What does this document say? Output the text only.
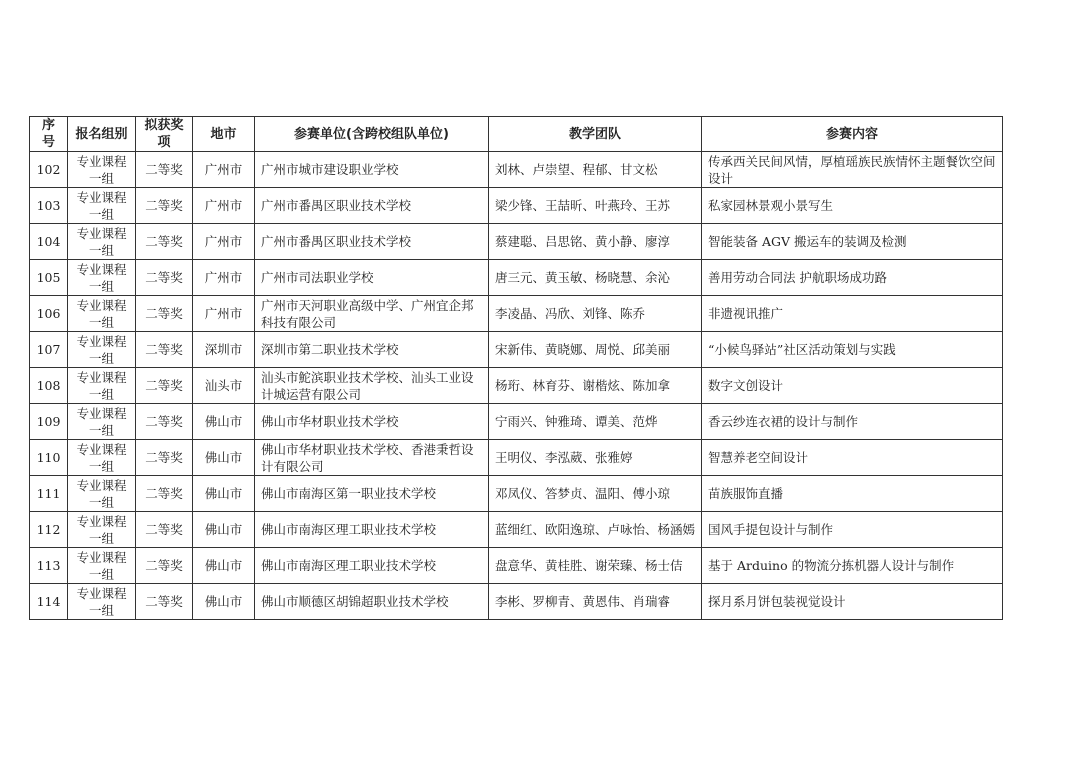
序号	报名组别	拟获奖项	地市	参赛单位(含跨校组队单位)	教学团队	参赛内容
102	专业课程一组	二等奖	广州市	广州市城市建设职业学校	刘林、卢崇望、程郁、甘文松	传承西关民间风情，厚植瑶族民族情怀主题餐饮空间设计
103	专业课程一组	二等奖	广州市	广州市番禺区职业技术学校	梁少锋、王喆昕、叶燕玲、王苏	私家园林景观小景写生
104	专业课程一组	二等奖	广州市	广州市番禺区职业技术学校	蔡建聪、吕思铭、黄小静、廖淳	智能装备 AGV 搬运车的装调及检测
105	专业课程一组	二等奖	广州市	广州市司法职业学校	唐三元、黄玉敏、杨晓慧、余沁	善用劳动合同法 护航职场成功路
106	专业课程一组	二等奖	广州市	广州市天河职业高级中学、广州宜企邦科技有限公司	李凌晶、冯欣、刘锋、陈乔	非遗视讯推广
107	专业课程一组	二等奖	深圳市	深圳市第二职业技术学校	宋新伟、黄晓娜、周悦、邱美丽	“小候鸟驿站”社区活动策划与实践
108	专业课程一组	二等奖	汕头市	汕头市鮀滨职业技术学校、汕头工业设计城运营有限公司	杨珩、林育芬、谢楷炫、陈加拿	数字文创设计
109	专业课程一组	二等奖	佛山市	佛山市华材职业技术学校	宁雨兴、钟雅琦、谭美、范烨	香云纱连衣裙的设计与制作
110	专业课程一组	二等奖	佛山市	佛山市华材职业技术学校、香港秉哲设计有限公司	王明仪、李泓葳、张雅婷	智慧养老空间设计
111	专业课程一组	二等奖	佛山市	佛山市南海区第一职业技术学校	邓凤仪、答梦贞、温阳、傅小琼	苗族服饰直播
112	专业课程一组	二等奖	佛山市	佛山市南海区理工职业技术学校	蓝细红、欧阳逸琼、卢咏怡、杨涵嫣	国风手提包设计与制作
113	专业课程一组	二等奖	佛山市	佛山市南海区理工职业技术学校	盘意华、黄桂胜、谢荣臻、杨士佶	基于 Arduino 的物流分拣机器人设计与制作
114	专业课程一组	二等奖	佛山市	佛山市顺德区胡锦超职业技术学校	李彬、罗柳青、黄恩伟、肖瑞睿	探月系月饼包装视觉设计
